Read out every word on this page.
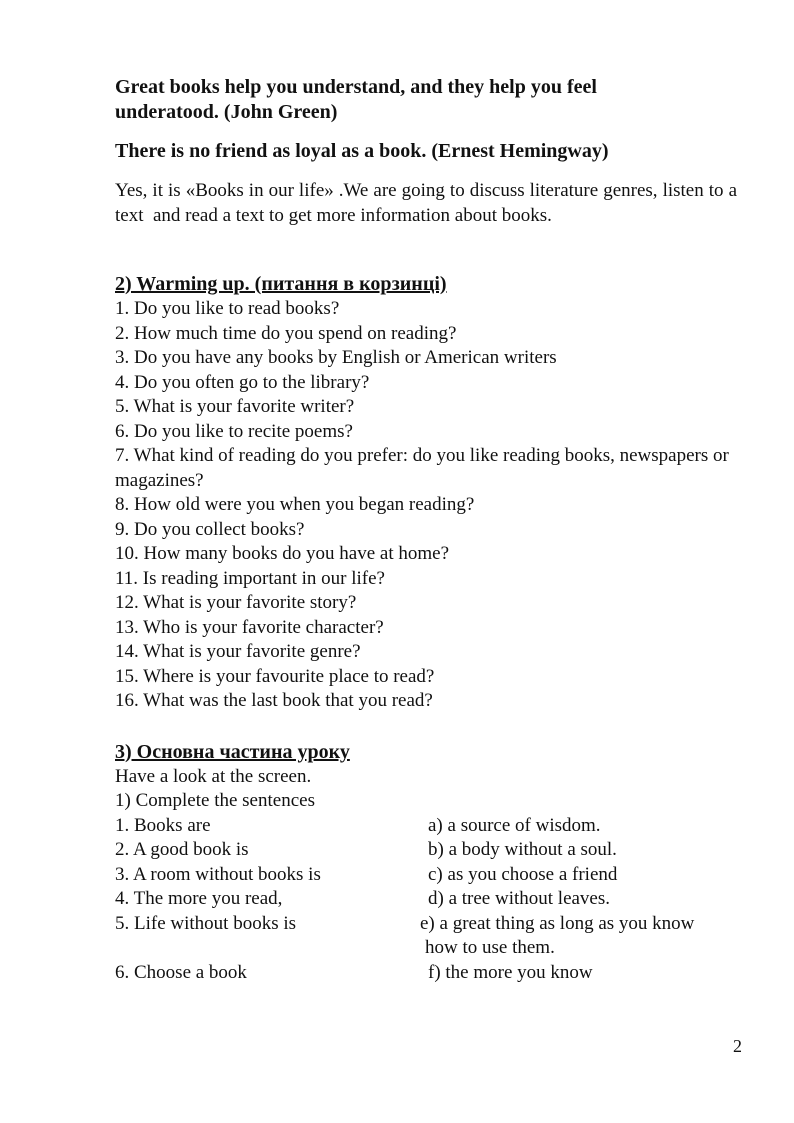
Great books help you understand, and they help you feel underatood. (John Green)

There is no friend as loyal as a book. (Ernest Hemingway)

Yes, it is «Books in our life» .We are going to discuss literature genres, listen to a text  and read a text to get more information about books.

2) Warming up. (питання в корзинці)
1. Do you like to read books?
2. How much time do you spend on reading?
3. Do you have any books by English or American writers
4. Do you often go to the library?
5. What is your favorite writer?
6. Do you like to recite poems?
7. What kind of reading do you prefer: do you like reading books, newspapers or magazines?
8. How old were you when you began reading?
9. Do you collect books?
10. How many books do you have at home?
11. Is reading important in our life?
12. What is your favorite story?
13. Who is your favorite character?
14. What is your favorite genre?
15. Where is your favourite place to read?
16. What was the last book that you read?
3) Основна частина уроку
Have a look at the screen.
1) Complete the sentences
1. Books are	a) a source of wisdom.
2. A good book is	b) a body without a soul.
3. A room without books is	c) as you choose a friend
4. The more you read,	d) a tree without leaves.
5. Life without books is	e) a great thing as long as you know
how to use them.
6. Choose a book	f) the more you know
2
